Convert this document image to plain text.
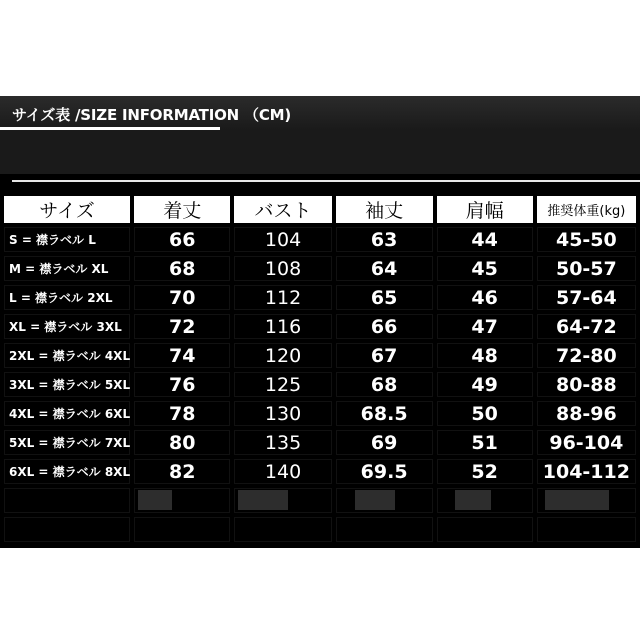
サイズ表 /SIZE INFORMATION （CM)
サイズ	着丈	バスト	袖丈	肩幅	推奨体重(kg)
S = 襟ラベル L	66	104	63	44	45-50
M = 襟ラベル XL	68	108	64	45	50-57
L = 襟ラベル 2XL	70	112	65	46	57-64
XL = 襟ラベル 3XL	72	116	66	47	64-72
2XL = 襟ラベル 4XL	74	120	67	48	72-80
3XL = 襟ラベル 5XL	76	125	68	49	80-88
4XL = 襟ラベル 6XL	78	130	68.5	50	88-96
5XL = 襟ラベル 7XL	80	135	69	51	96-104
6XL = 襟ラベル 8XL	82	140	69.5	52	104-112
